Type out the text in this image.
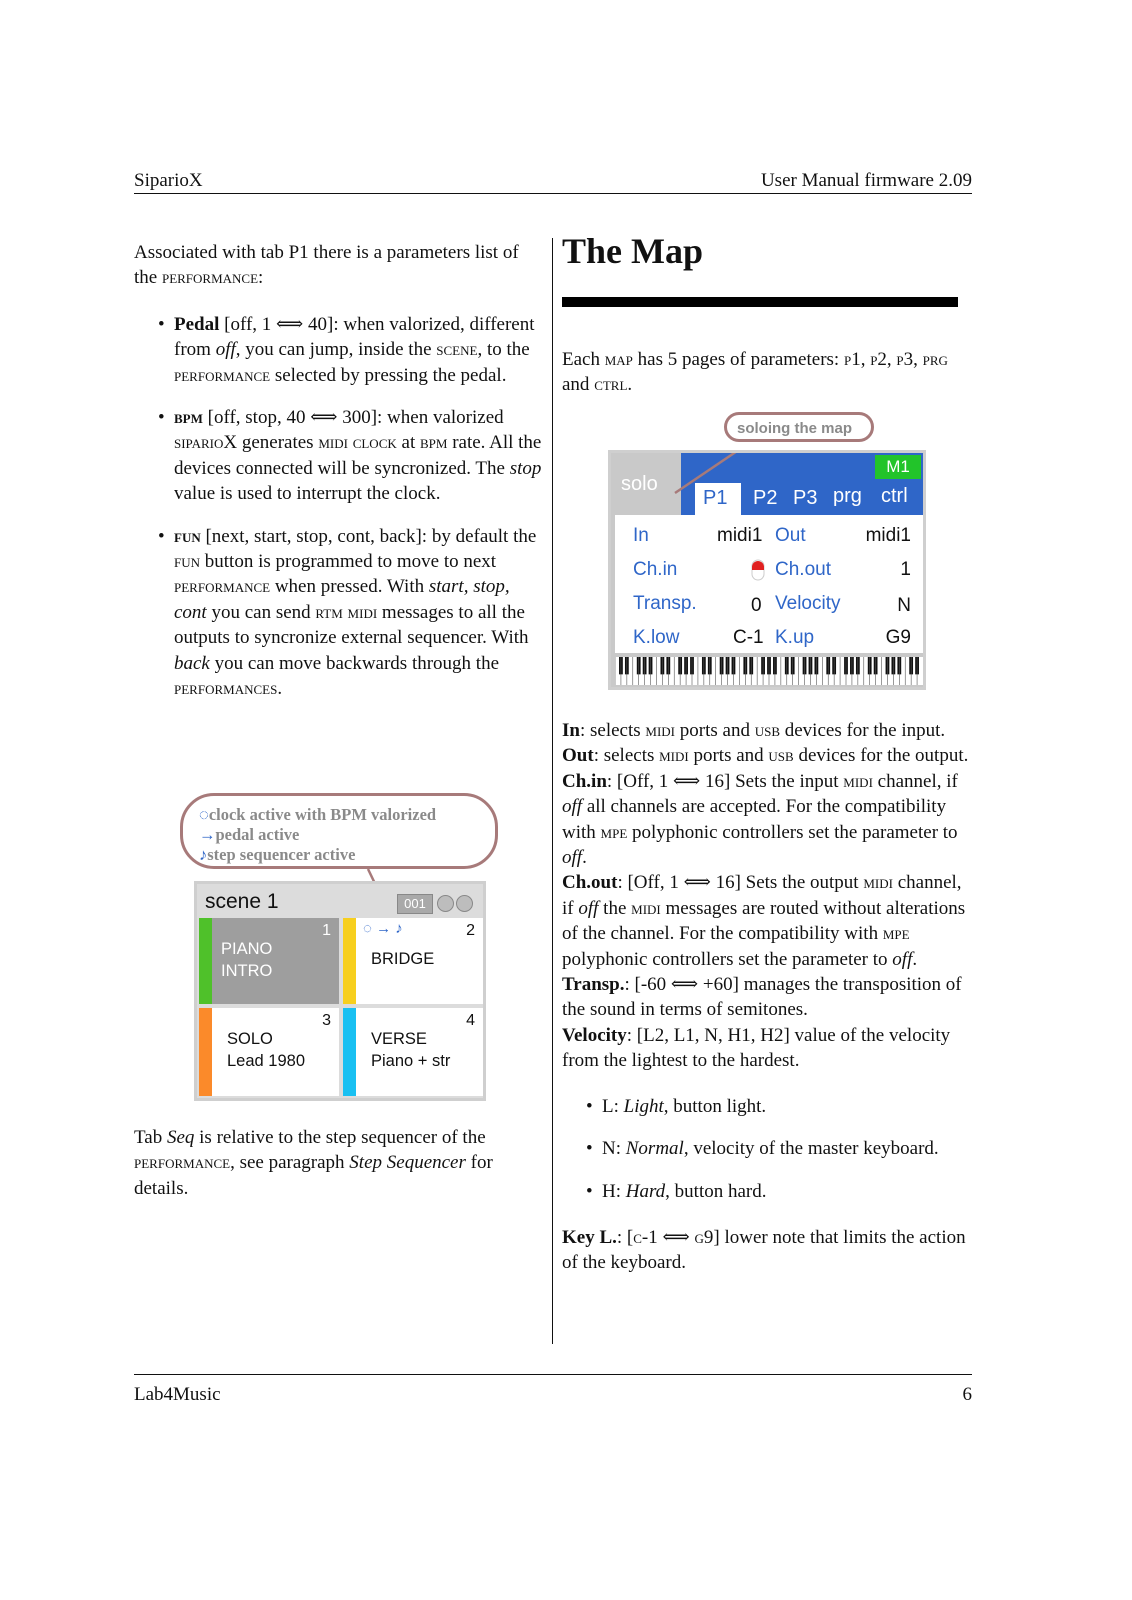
SiparioX	User Manual firmware 2.09

Associated with tab P1 there is a parameters list of the performance:

• Pedal [off, 1 ⟺ 40]: when valorized, different from off, you can jump, inside the scene, to the performance selected by pressing the pedal.
• bpm [off, stop, 40 ⟺ 300]: when valorized siparioX generates midi clock at bpm rate. All the devices connected will be syncronized. The stop value is used to interrupt the clock.
• fun [next, start, stop, cont, back]: by default the fun button is programmed to move to next performance when pressed. With start, stop, cont you can send rtm midi messages to all the outputs to syncronize external sequencer. With back you can move backwards through the performances.
◌clock active with BPM valorized
→pedal active
♪step sequencer active
scene 1	001
1
PIANO
INTRO
◌ → ♪	2
BRIDGE
3
SOLO
Lead 1980
4
VERSE
Piano + str

Tab Seq is relative to the step sequencer of the performance, see paragraph Step Sequencer for details.

The Map

Each map has 5 pages of parameters: p1, p2, p3, prg and ctrl.

soloing the map
solo
M1
P1 P2 P3 prg ctrl
In	midi1 Out	midi1
Ch.in	Ch.out	1
Transp.	0 Velocity	N
K.low	C-1 K.up	G9

In: selects midi ports and usb devices for the input.

Out: selects midi ports and usb devices for the output.

Ch.in: [Off, 1 ⟺ 16] Sets the input midi channel, if off all channels are accepted. For the compatibility with mpe polyphonic controllers set the parameter to off.

Ch.out: [Off, 1 ⟺ 16] Sets the output midi channel, if off the midi messages are routed without alterations of the channel. For the compatibility with mpe polyphonic controllers set the parameter to off.

Transp.: [-60 ⟺ +60] manages the transposition of the sound in terms of semitones.

Velocity: [L2, L1, N, H1, H2] value of the velocity from the lightest to the hardest.

• L: Light, button light.
• N: Normal, velocity of the master keyboard.
• H: Hard, button hard.

Key L.: [c-1 ⟺ g9] lower note that limits the action of the keyboard.

Lab4Music	6
